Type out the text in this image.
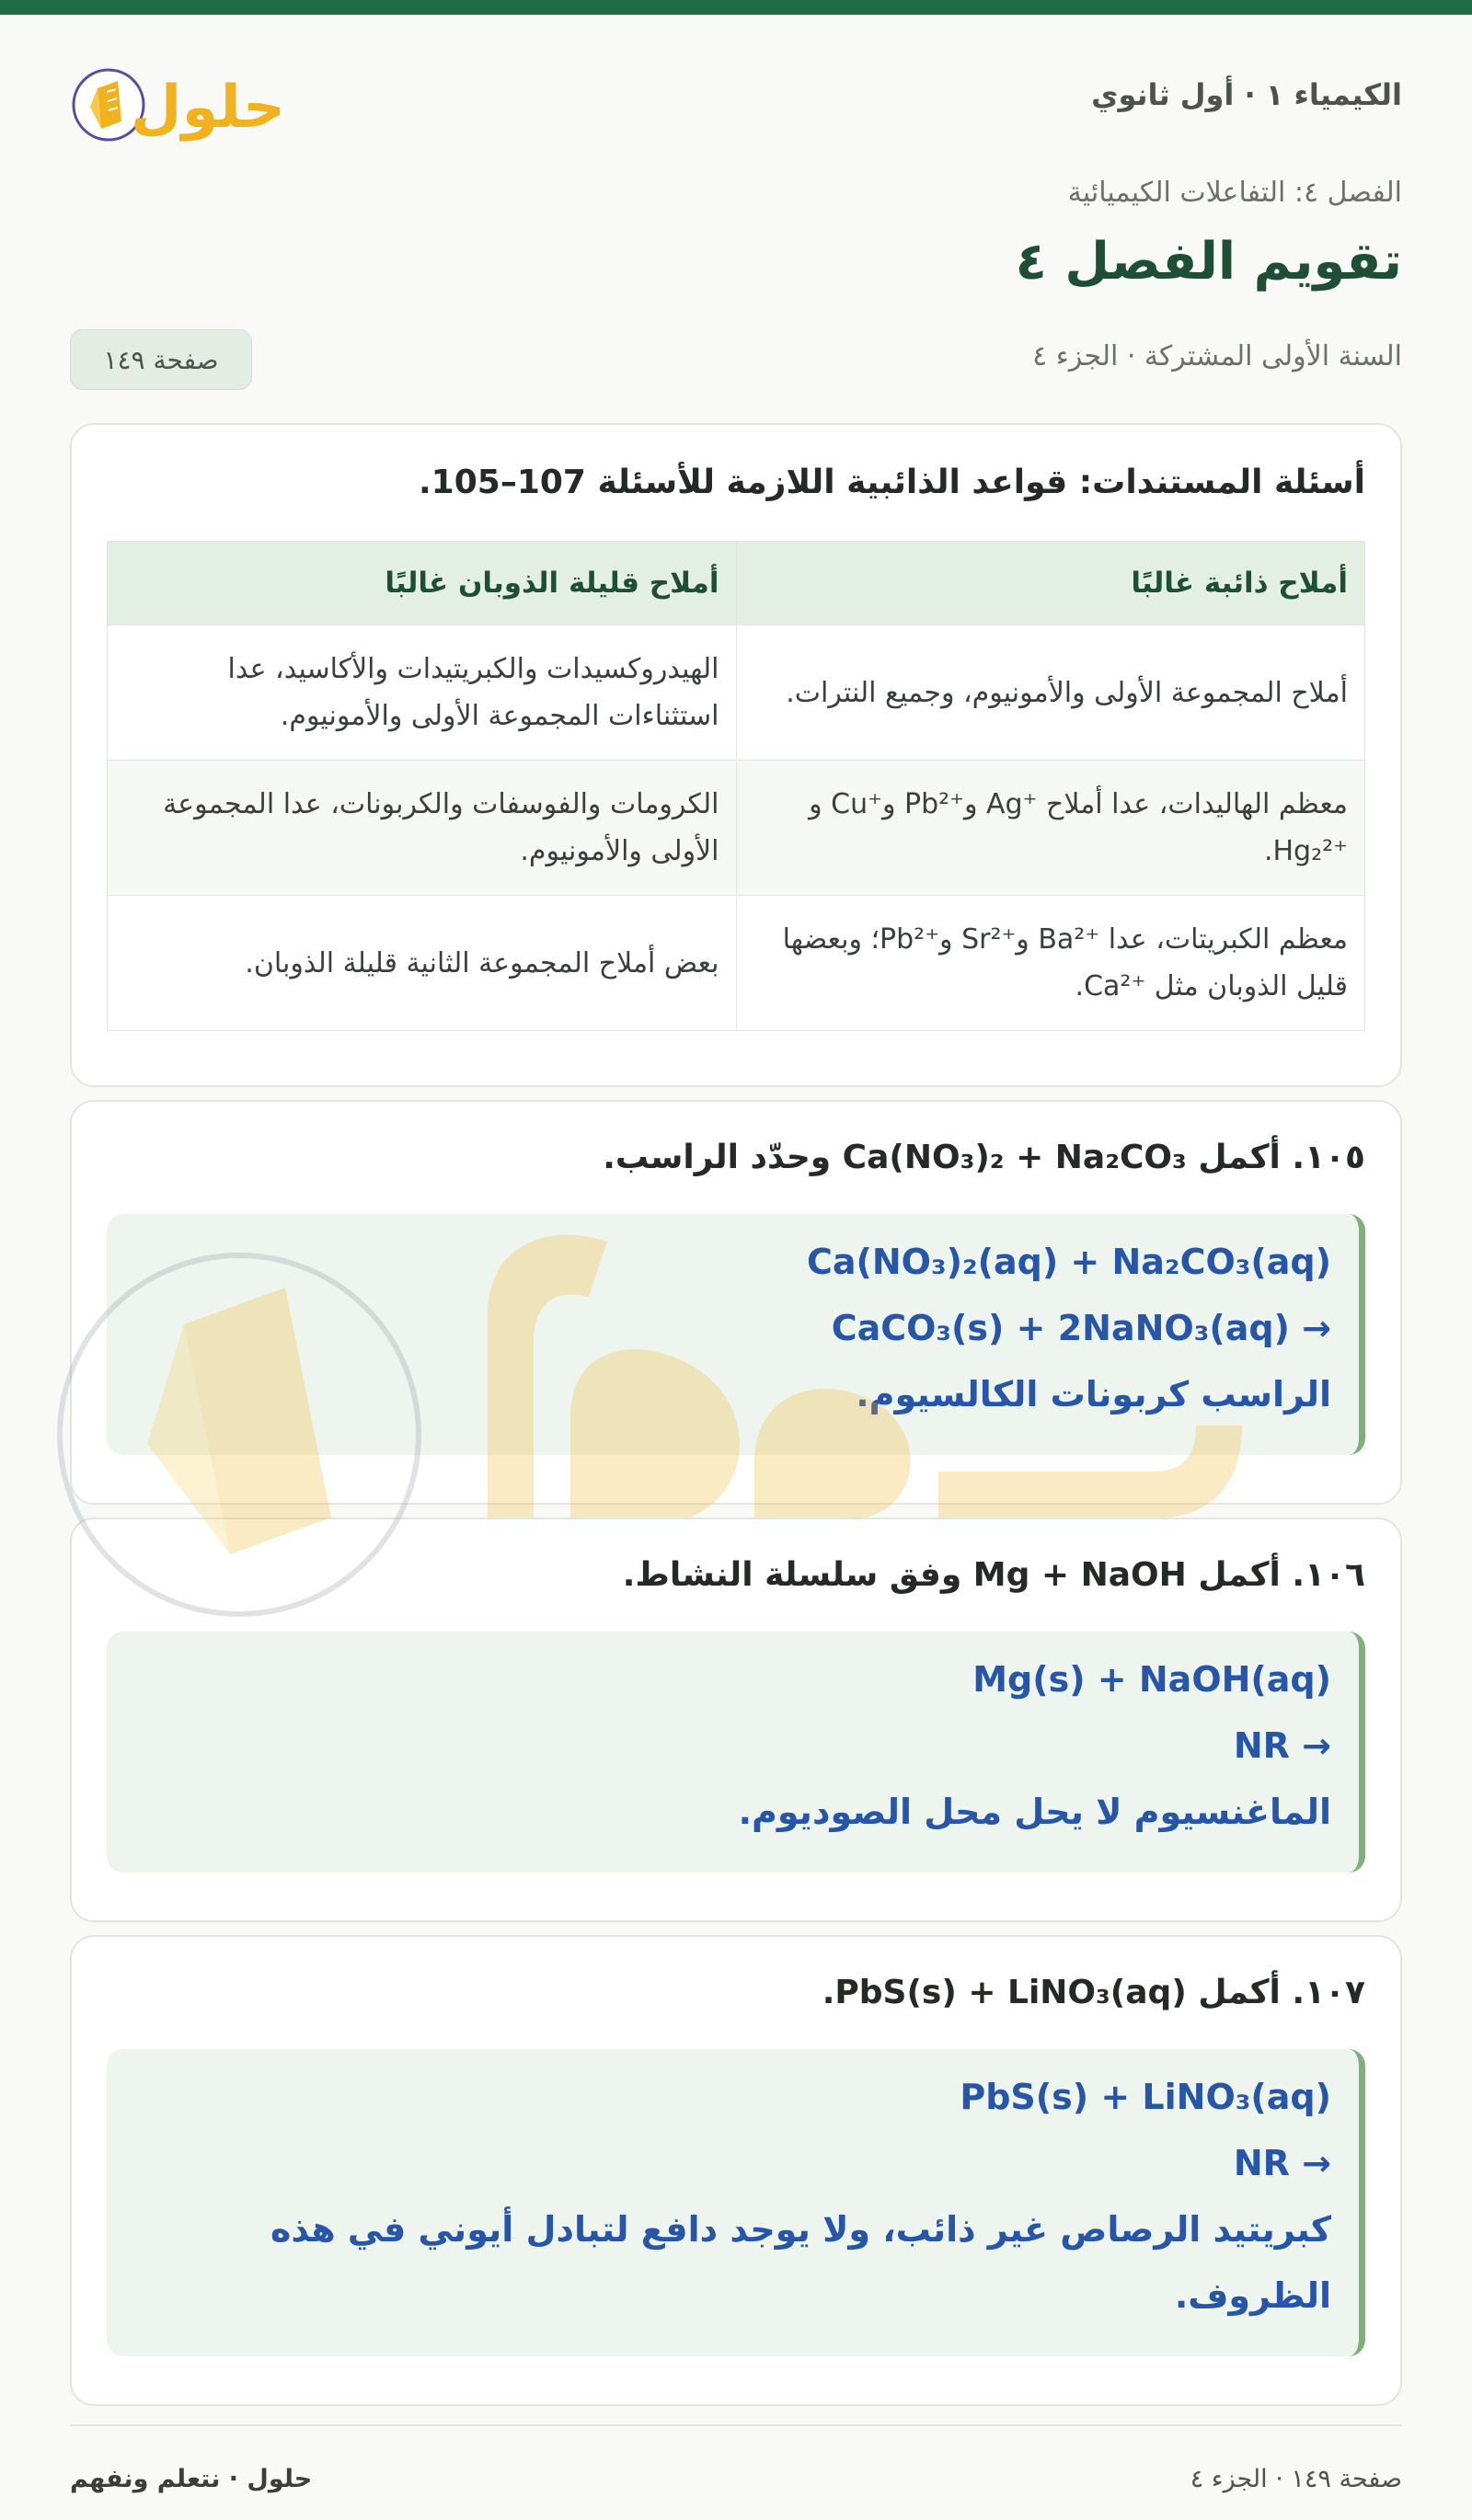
الكيمياء ١ · أول ثانوي
حلول
الفصل ٤: التفاعلات الكيميائية
تقويم الفصل ٤
السنة الأولى المشتركة · الجزء ٤
صفحة ١٤٩
أسئلة المستندات: قواعد الذائبية اللازمة للأسئلة 107–105.
أملاح ذائبة غالبًا	أملاح قليلة الذوبان غالبًا
أملاح المجموعة الأولى والأمونيوم، وجميع النترات.	الهيدروكسيدات والكبريتيدات والأكاسيد، عدا استثناءات المجموعة الأولى والأمونيوم.
معظم الهاليدات، عدا أملاح ⁺Ag و⁺Pb² و⁺Cu و ⁺Hg₂².	الكرومات والفوسفات والكربونات، عدا المجموعة الأولى والأمونيوم.
معظم الكبريتات، عدا ⁺Ba² و⁺Sr² و⁺Pb²؛ وبعضها قليل الذوبان مثل ⁺Ca².	بعض أملاح المجموعة الثانية قليلة الذوبان.
١٠٥. أكمل Ca(NO₃)₂ + Na₂CO₃ وحدّد الراسب.
Ca(NO₃)₂(aq) + Na₂CO₃(aq)
→ CaCO₃(s) + 2NaNO₃(aq)
الراسب كربونات الكالسيوم.
١٠٦. أكمل Mg + NaOH وفق سلسلة النشاط.
Mg(s) + NaOH(aq)
→ NR
الماغنسيوم لا يحل محل الصوديوم.
١٠٧. أكمل PbS(s) + LiNO₃(aq).
PbS(s) + LiNO₃(aq)
→ NR
كبريتيد الرصاص غير ذائب، ولا يوجد دافع لتبادل أيوني في هذه
الظروف.
حلول · نتعلم ونفهم	صفحة ١٤٩ · الجزء ٤
